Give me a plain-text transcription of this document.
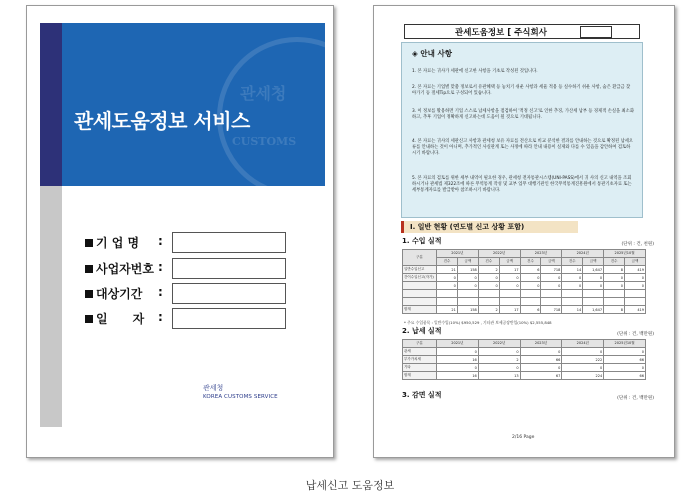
관세청
CUSTOMS
관세도움정보 서비스
기 업 명 :
사업자번호 :
대상기간 :
일      자 :
관세청
KOREA CUSTOMS SERVICE
관세도움정보 [ 주식회사
◈ 안내 사항
1. 본 자료는 귀사가 세관에 신고한 사항을 기초로 작성된 것입니다.
2. 본 자료는 기업별 맞춤 정보로서 유관혜택 등 놓치기 쉬운 사항과 세율 적용 등 실수하기 쉬운 사항, 숨은 환급금 찾아가기 등 절세Tip으로 구성되어 있습니다.
3. 이 정보를 활용하면 기업 스스로 납세사항을 점검하여 '적정 신고'로 인한 추징, 가산세 납부 등 경제적 손실을 최소화하고, 추후 기업이 정확하게 신고하는데 도움이 될 것으로 기대됩니다.
4. 본 자료는 귀사의 세관신고 사항과 관세청 보유 자료를 전산으로 비교 분석한 결과를 안내하는 것으로 확정된 납세오류를 안내하는 것이 아니며, 추가적인 사실관계 또는 사정에 따라 안내 내용이 실제와 다를 수 있음을 감안하여 검토하시기 바랍니다.
5. 본 자료의 검토를 위한 세부 내역이 필요한 경우, 관세청 전자통관시스템(UNI-PASS)에서 귀 사의 신고 내역을 조회하시거나 관세법 제322조에 따른 무역통계 작성 및 교부 업무 대행기관인 한국무역통계진흥원에서 통관기초자료 또는 세부통계자료를 발급받아 참조하시기 바랍니다.
Ⅰ. 일반 현황 (연도별 신고 상황 포함)
1. 수입 실적	(단위 : 건, 천원)
구분	2021년		2022년		2023년		2024년		2025년10월	
	건수	금액	건수	금액	건수	금액	건수	금액	건수	금액
일반수입신고	21	158	2	17	6	718	14	1,647	8	419
간이수입신고(자가)	0	0	0	0	0	0	0	0	0	0
	0	0	0	0	0	0	0	0	0	0

합계	21	158	2	17	6	718	14	1,647	8	419
* 주요 수입품목 : 일반수입(10%) $950,529 , 기타관 보세공장반입(10%) $2,555,848
2. 납세 실적	(단위 : 건, 백만원)
구분	2021년	2022년	2023년	2024년	2025년10월
관세	0	0	0	0	0
부가가치세	16	2	66	222	66
기타	0	0	0	0	0
합계	16	13	67	224	66
3. 감면 실적	(단위 : 건, 백만원)
2/16 Page
납세신고 도움정보
